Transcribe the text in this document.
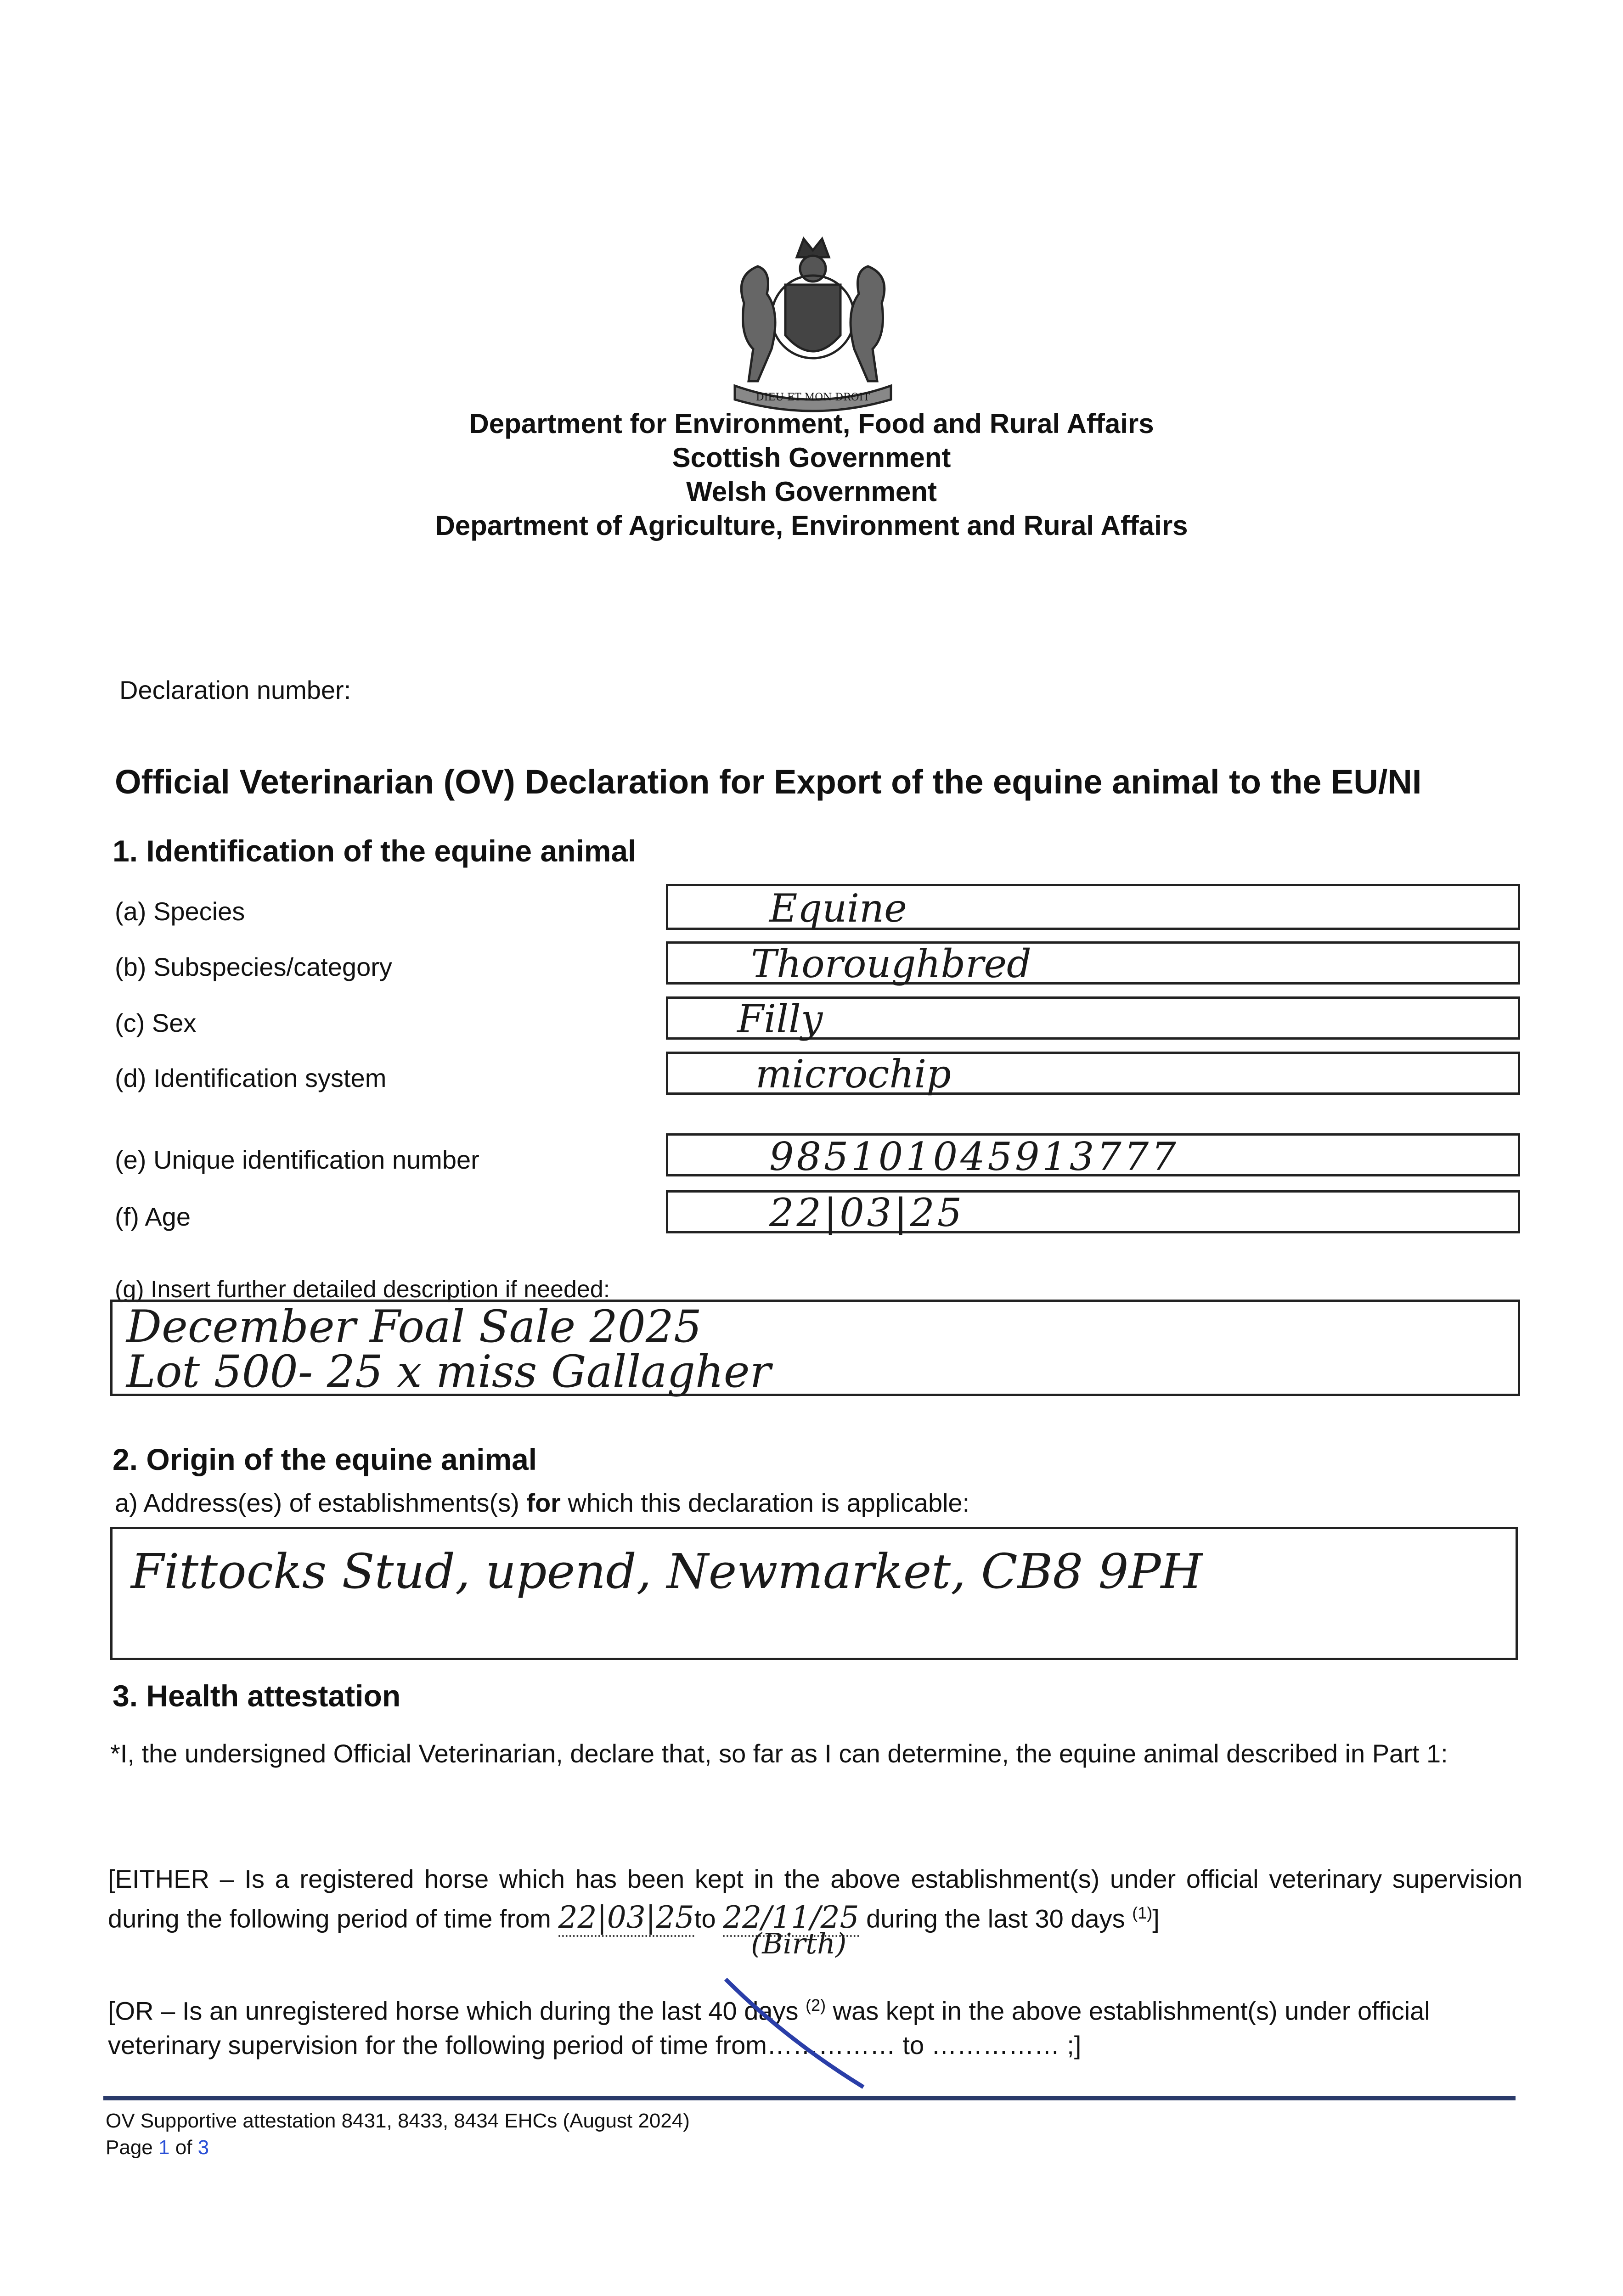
DIEU ET MON DROIT
Department for Environment, Food and Rural Affairs
Scottish Government
Welsh Government
Department of Agriculture, Environment and Rural Affairs
Declaration number:
Official Veterinarian (OV) Declaration for Export of the equine animal to the EU/NI
1. Identification of the equine animal
(a) Species	Equine
(b) Subspecies/category	Thoroughbred
(c) Sex	Filly
(d) Identification system	microchip
(e) Unique identification number	985101045913777
(f) Age	22|03|25
(g) Insert further detailed description if needed:
December Foal Sale 2025
Lot 500- 25 x miss Gallagher
2. Origin of the equine animal
a) Address(es) of establishments(s) for which this declaration is applicable:
Fittocks Stud, upend, Newmarket, CB8 9PH
3. Health attestation
*I, the undersigned Official Veterinarian, declare that, so far as I can determine, the equine animal described in Part 1:
[EITHER – Is a registered horse which has been kept in the above establishment(s) under official veterinary supervision during the following period of time from 22|03|25to 22/11/25 during the last 30 days $^{(1)}$]
(Birth)
[OR – Is an unregistered horse which during the last 40 days $^{(2)}$ was kept in the above establishment(s) under official
veterinary supervision for the following period of time from…………… to …………… ;]
OV Supportive attestation 8431, 8433, 8434 EHCs (August 2024)
Page 1 of 3
